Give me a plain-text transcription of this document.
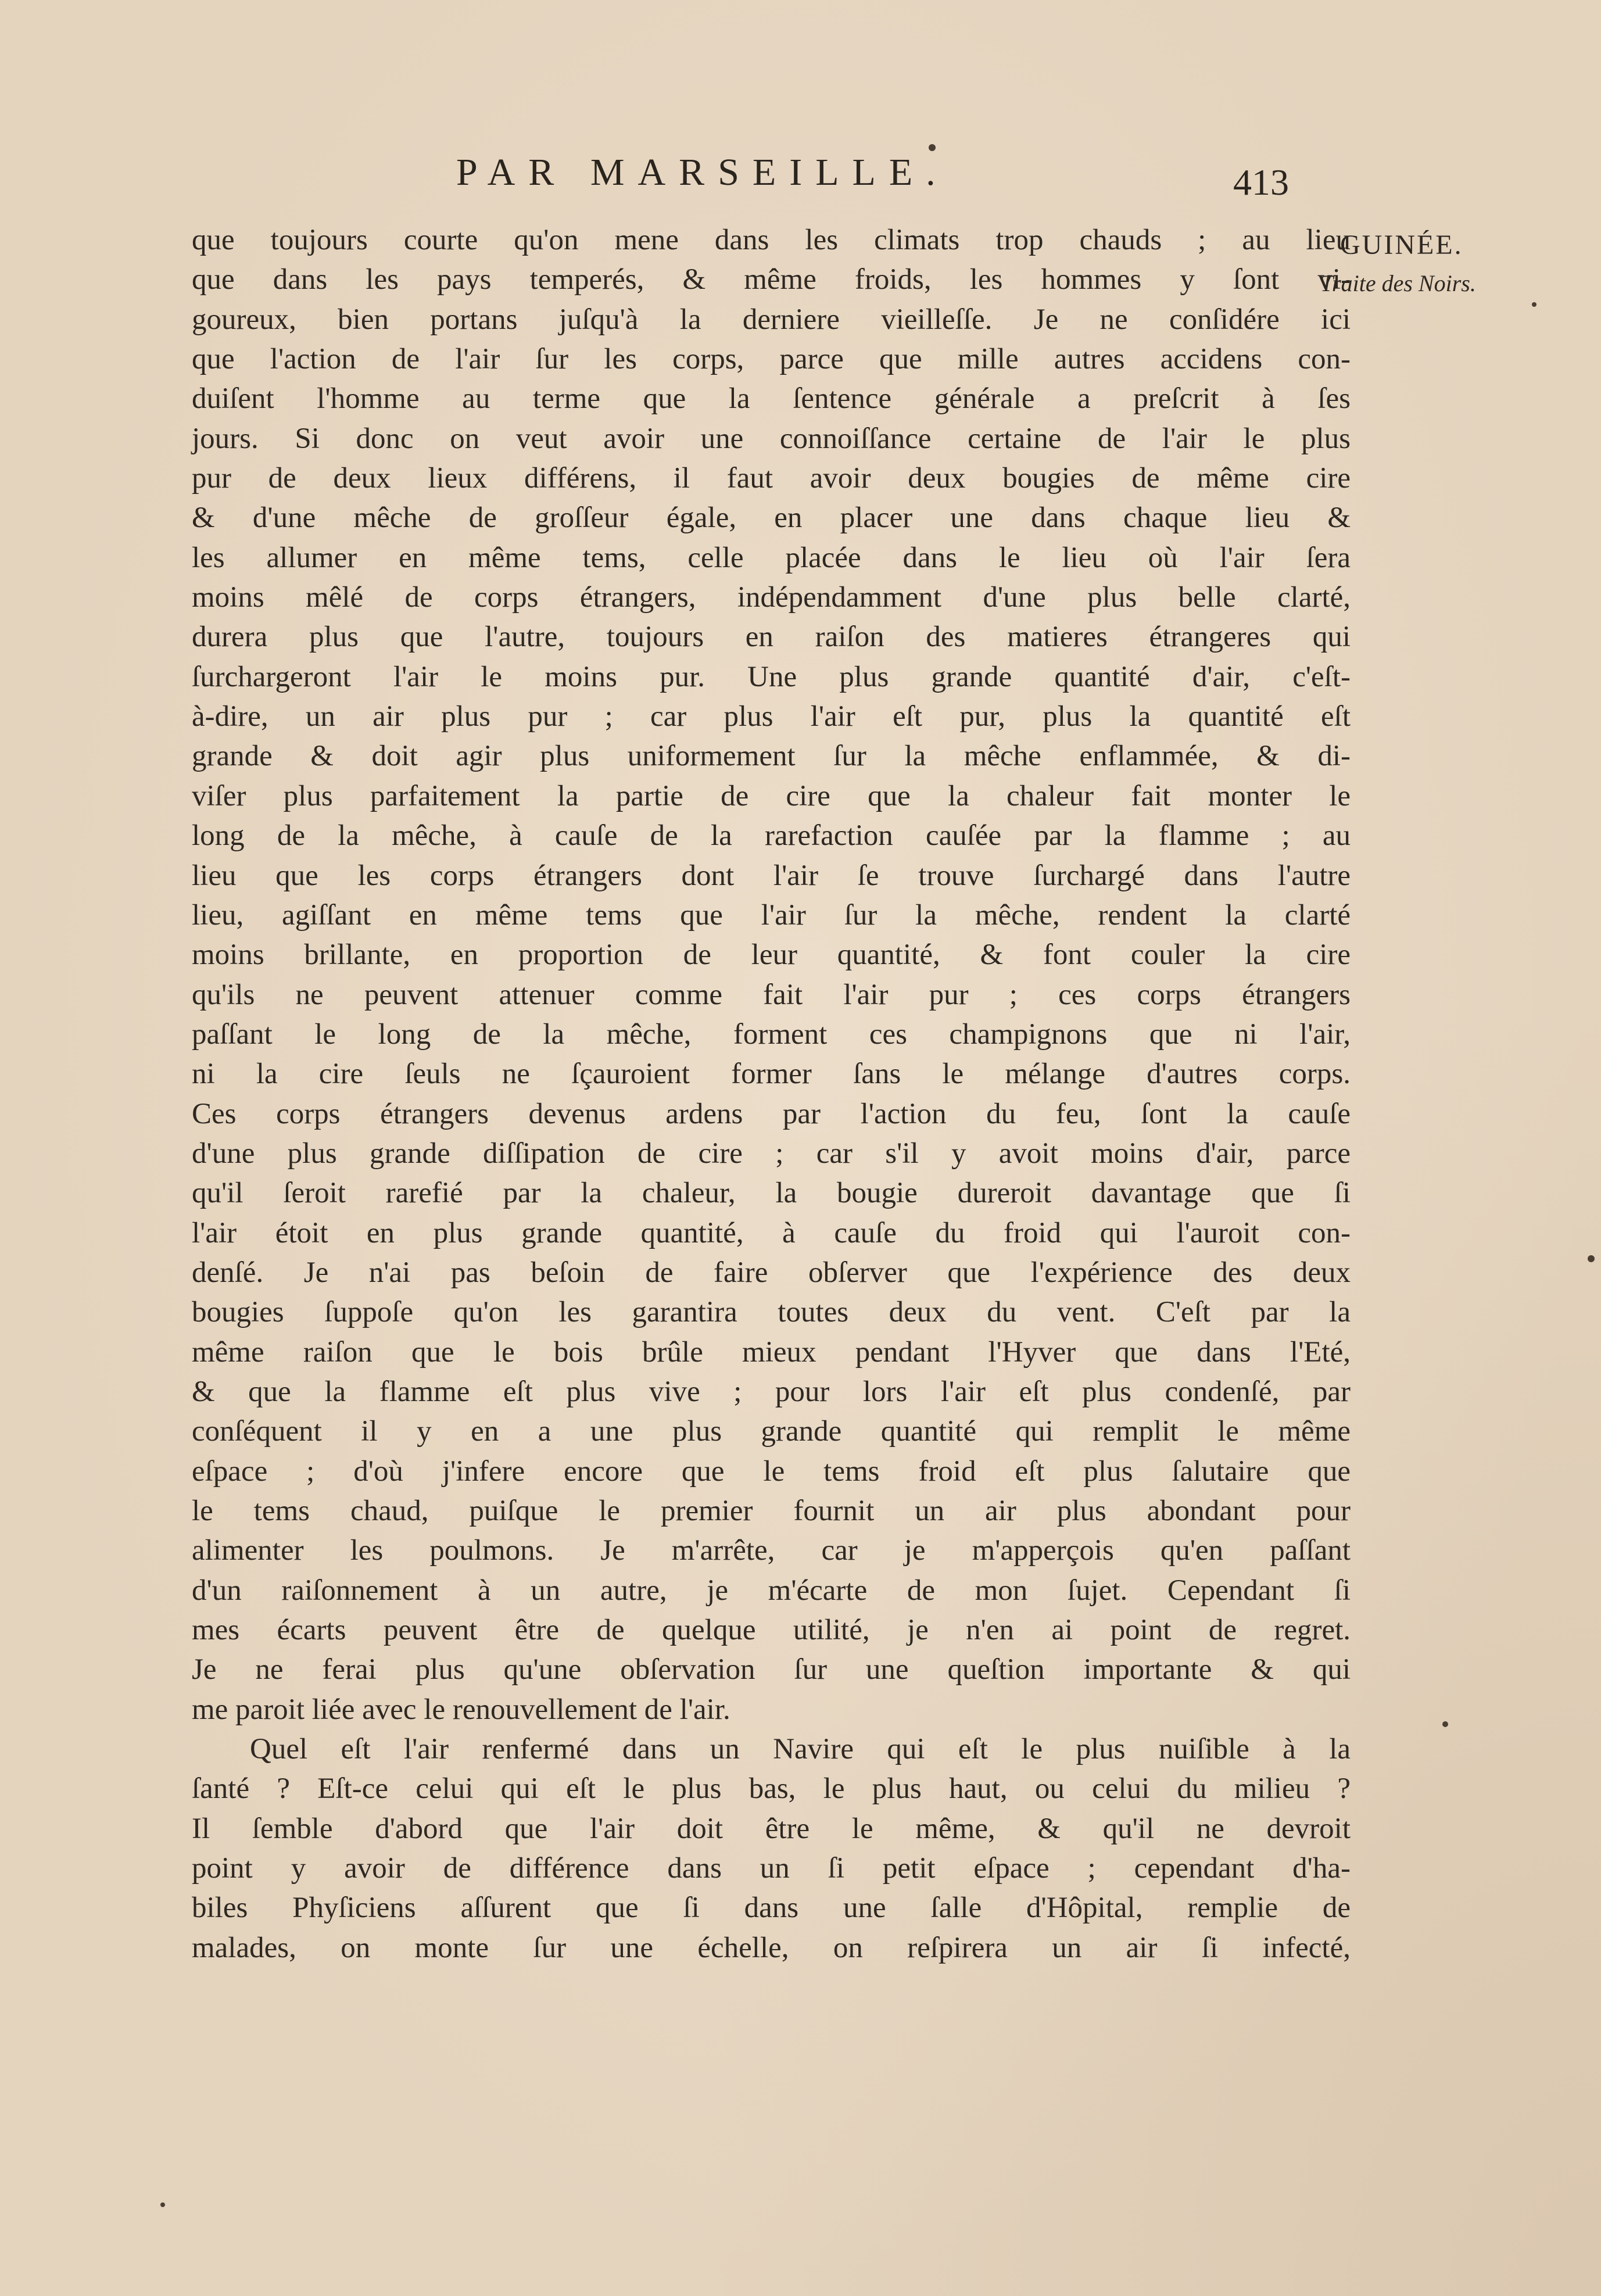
PAR MARSEILLE.	413
GUINÉE.
Traite des Noirs.
que toujours courte qu'on mene dans les climats trop chauds ; au lieu
que dans les pays temperés, & même froids, les hommes y ſont vi-
goureux, bien portans juſqu'à la derniere vieilleſſe. Je ne conſidére ici
que l'action de l'air ſur les corps, parce que mille autres accidens con-
duiſent l'homme au terme que la ſentence générale a preſcrit à ſes
jours. Si donc on veut avoir une connoiſſance certaine de l'air le plus
pur de deux lieux différens, il faut avoir deux bougies de même cire
& d'une mêche de groſſeur égale, en placer une dans chaque lieu &
les allumer en même tems, celle placée dans le lieu où l'air ſera
moins mêlé de corps étrangers, indépendamment d'une plus belle clarté,
durera plus que l'autre, toujours en raiſon des matieres étrangeres qui
ſurchargeront l'air le moins pur. Une plus grande quantité d'air, c'eſt-
à-dire, un air plus pur ; car plus l'air eſt pur, plus la quantité eſt
grande & doit agir plus uniformement ſur la mêche enflammée, & di-
viſer plus parfaitement la partie de cire que la chaleur fait monter le
long de la mêche, à cauſe de la rarefaction cauſée par la flamme ; au
lieu que les corps étrangers dont l'air ſe trouve ſurchargé dans l'autre
lieu, agiſſant en même tems que l'air ſur la mêche, rendent la clarté
moins brillante, en proportion de leur quantité, & font couler la cire
qu'ils ne peuvent attenuer comme fait l'air pur ; ces corps étrangers
paſſant le long de la mêche, forment ces champignons que ni l'air,
ni la cire ſeuls ne ſçauroient former ſans le mélange d'autres corps.
Ces corps étrangers devenus ardens par l'action du feu, ſont la cauſe
d'une plus grande diſſipation de cire ; car s'il y avoit moins d'air, parce
qu'il ſeroit rarefié par la chaleur, la bougie dureroit davantage que ſi
l'air étoit en plus grande quantité, à cauſe du froid qui l'auroit con-
denſé. Je n'ai pas beſoin de faire obſerver que l'expérience des deux
bougies ſuppoſe qu'on les garantira toutes deux du vent. C'eſt par la
même raiſon que le bois brûle mieux pendant l'Hyver que dans l'Eté,
& que la flamme eſt plus vive ; pour lors l'air eſt plus condenſé, par
conſéquent il y en a une plus grande quantité qui remplit le même
eſpace ; d'où j'infere encore que le tems froid eſt plus ſalutaire que
le tems chaud, puiſque le premier fournit un air plus abondant pour
alimenter les poulmons. Je m'arrête, car je m'apperçois qu'en paſſant
d'un raiſonnement à un autre, je m'écarte de mon ſujet. Cependant ſi
mes écarts peuvent être de quelque utilité, je n'en ai point de regret.
Je ne ferai plus qu'une obſervation ſur une queſtion importante & qui
me paroit liée avec le renouvellement de l'air.
Quel eſt l'air renfermé dans un Navire qui eſt le plus nuiſible à la
ſanté ? Eſt-ce celui qui eſt le plus bas, le plus haut, ou celui du milieu ?
Il ſemble d'abord que l'air doit être le même, & qu'il ne devroit
point y avoir de différence dans un ſi petit eſpace ; cependant d'ha-
biles Phyſiciens aſſurent que ſi dans une ſalle d'Hôpital, remplie de
malades, on monte ſur une échelle, on reſpirera un air ſi infecté,
